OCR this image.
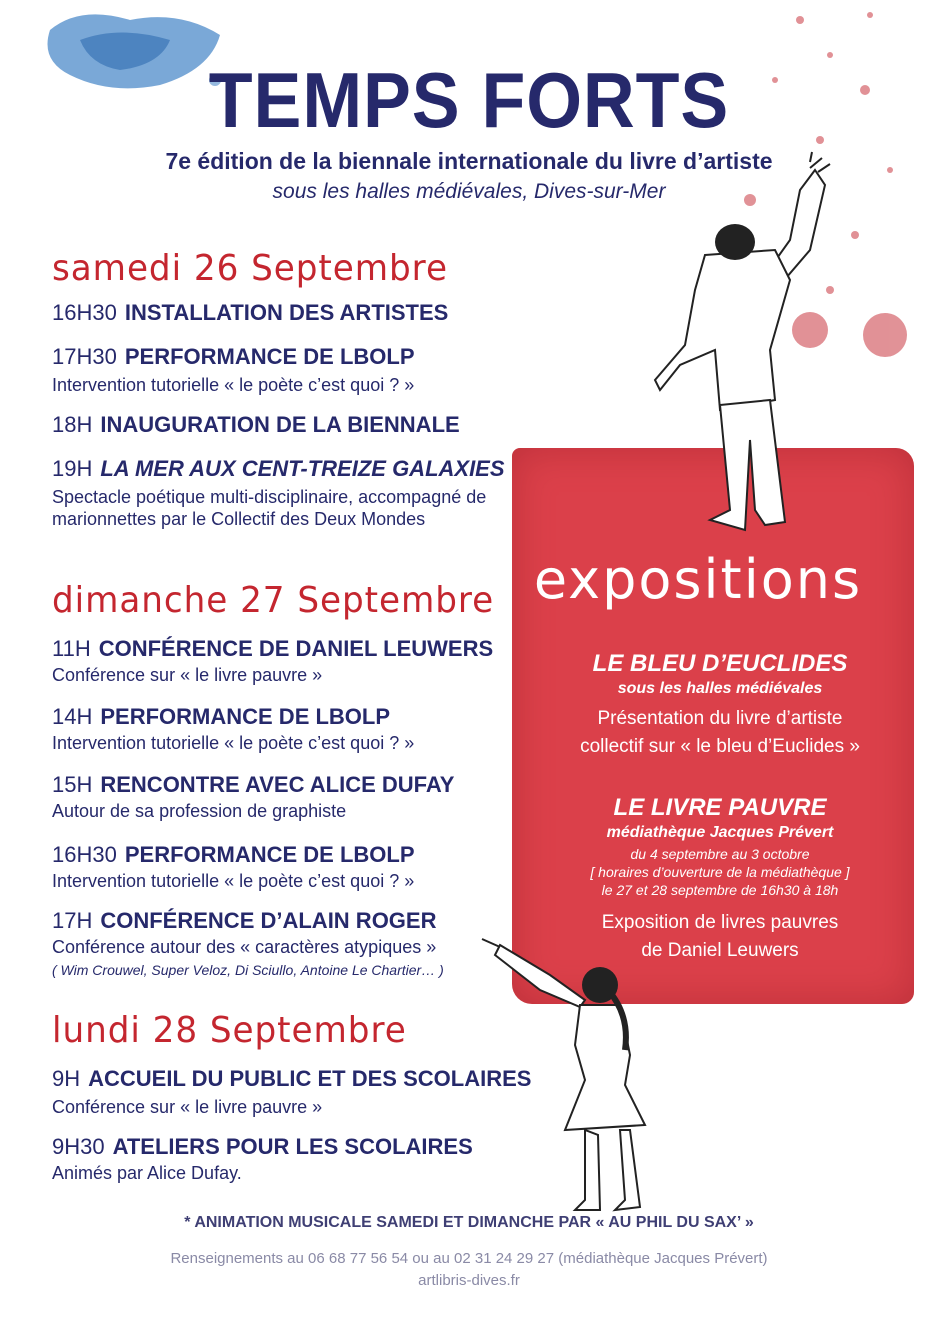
TEMPS FORTS
7e édition de la biennale internationale du livre d’artiste
sous les halles médiévales, Dives-sur-Mer
samedi 26 Septembre
16H30 INSTALLATION DES ARTISTES
17H30 PERFORMANCE DE LBOLP
Intervention tutorielle « le poète c’est quoi ? »
18H INAUGURATION DE LA BIENNALE
19H LA MER AUX CENT-TREIZE GALAXIES
Spectacle poétique multi-disciplinaire, accompagné de marionnettes par le Collectif des Deux Mondes
dimanche 27 Septembre
11H CONFÉRENCE DE DANIEL LEUWERS
Conférence sur « le livre pauvre »
14H PERFORMANCE DE LBOLP
Intervention tutorielle « le poète c’est quoi ? »
15H RENCONTRE AVEC ALICE DUFAY
Autour de sa profession de graphiste
16H30 PERFORMANCE DE LBOLP
Intervention tutorielle « le poète c’est quoi ? »
17H CONFÉRENCE D’ALAIN ROGER
Conférence autour des « caractères atypiques »
( Wim Crouwel, Super Veloz, Di Sciullo, Antoine Le Chartier… )
lundi 28 Septembre
9H ACCUEIL DU PUBLIC ET DES SCOLAIRES
Conférence sur « le livre pauvre »
9H30 ATELIERS POUR LES SCOLAIRES
Animés par Alice Dufay.
expositions
LE BLEU D’EUCLIDES
sous les halles médiévales
Présentation du livre d’artiste
collectif sur « le bleu d’Euclides »
LE LIVRE PAUVRE
médiathèque Jacques Prévert
du 4 septembre au 3 octobre
[ horaires d’ouverture de la médiathèque ]
le 27 et 28 septembre de 16h30 à 18h
Exposition de livres pauvres
de Daniel Leuwers
* ANIMATION MUSICALE SAMEDI ET DIMANCHE PAR « AU PHIL DU SAX’ »
Renseignements au 06 68 77 56 54 ou au 02 31 24 29 27 (médiathèque Jacques Prévert)
artlibris-dives.fr
